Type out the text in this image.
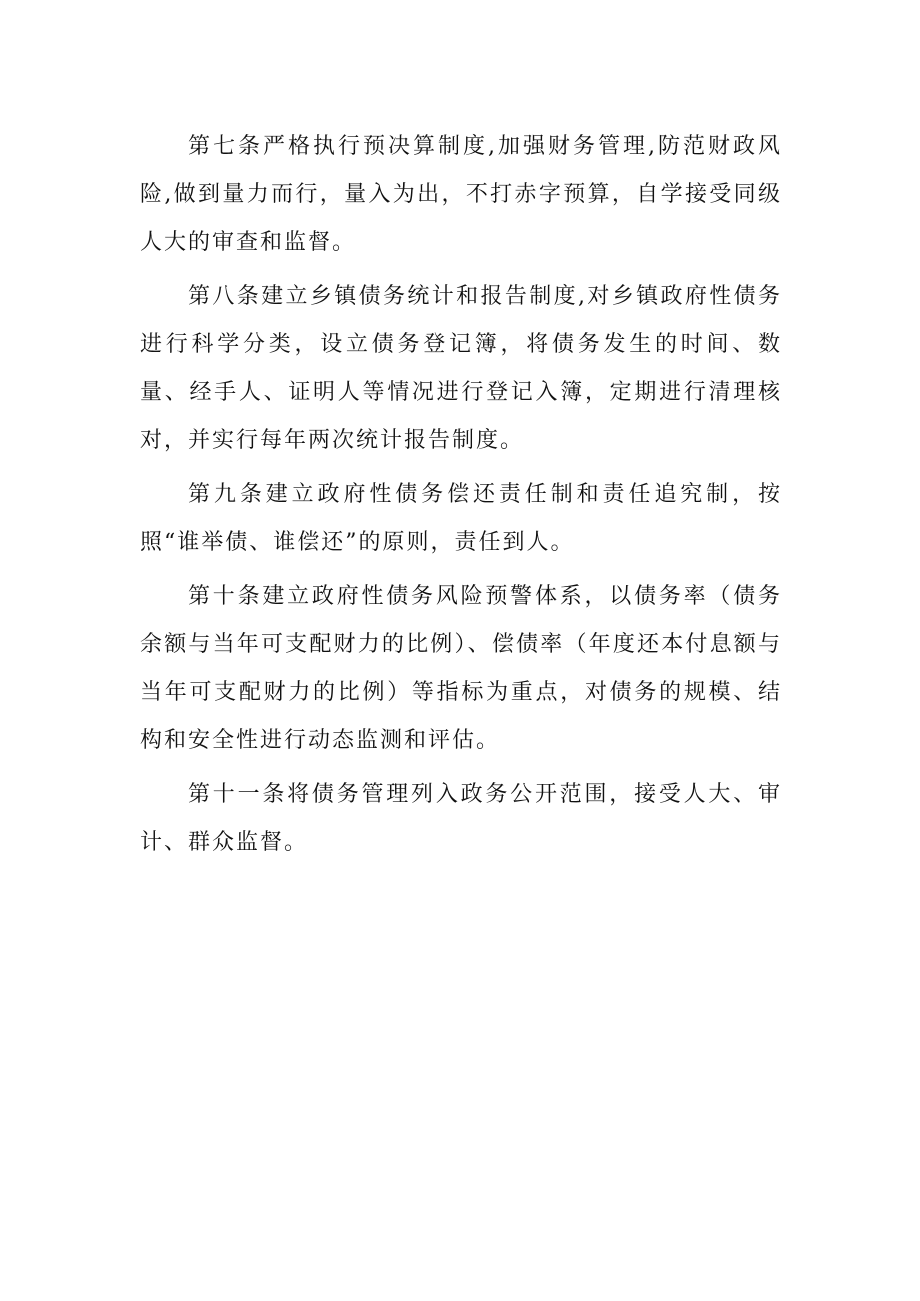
第七条严格执行预决算制度,加强财务管理,防范财政风险,做到量力而行，量入为出，不打赤字预算，自学接受同级人大的审查和监督。

第八条建立乡镇债务统计和报告制度,对乡镇政府性债务进行科学分类，设立债务登记簿，将债务发生的时间、数量、经手人、证明人等情况进行登记入簿，定期进行清理核对，并实行每年两次统计报告制度。

第九条建立政府性债务偿还责任制和责任追究制，按照“谁举债、谁偿还”的原则，责任到人。

第十条建立政府性债务风险预警体系，以债务率（债务余额与当年可支配财力的比例）、偿债率（年度还本付息额与当年可支配财力的比例）等指标为重点，对债务的规模、结构和安全性进行动态监测和评估。

第十一条将债务管理列入政务公开范围，接受人大、审计、群众监督。
